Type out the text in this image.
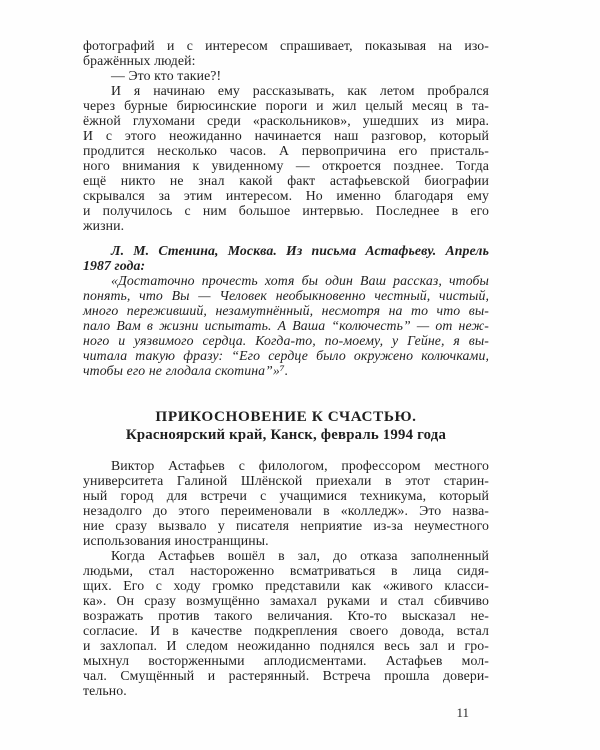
фотографий и с интересом спрашивает, показывая на изо-
бражённых людей:
— Это кто такие?!
И я начинаю ему рассказывать, как летом пробрался
через бурные бирюсинские пороги и жил целый месяц в та-
ёжной глухомани среди «раскольников», ушедших из мира.
И с этого неожиданно начинается наш разговор, который
продлится несколько часов. А первопричина его присталь-
ного внимания к увиденному — откроется позднее. Тогда
ещё никто не знал какой факт астафьевской биографии
скрывался за этим интересом. Но именно благодаря ему
и получилось с ним большое интервью. Последнее в его
жизни.
Л. М. Стенина, Москва. Из письма Астафьеву. Апрель
1987 года:
«Достаточно прочесть хотя бы один Ваш рассказ, чтобы
понять, что Вы — Человек необыкновенно честный, чистый,
много переживший, незамутнённый, несмотря на то что вы-
пало Вам в жизни испытать. А Ваша “колючесть” — от неж-
ного и уязвимого сердца. Когда-то, по-моему, у Гейне, я вы-
читала такую фразу: “Его сердце было окружено колючками,
чтобы его не глодала скотина”»⁷.
ПРИКОСНОВЕНИЕ К СЧАСТЬЮ.
Красноярский край, Канск, февраль 1994 года
Виктор Астафьев с филологом, профессором местного
университета Галиной Шлёнской приехали в этот старин-
ный город для встречи с учащимися техникума, который
незадолго до этого переименовали в «колледж». Это назва-
ние сразу вызвало у писателя неприятие из-за неуместного
использования иностранщины.
Когда Астафьев вошёл в зал, до отказа заполненный
людьми, стал настороженно всматриваться в лица сидя-
щих. Его с ходу громко представили как «живого класси-
ка». Он сразу возмущённо замахал руками и стал сбивчиво
возражать против такого величания. Кто-то высказал не-
согласие. И в качестве подкрепления своего довода, встал
и захлопал. И следом неожиданно поднялся весь зал и гро-
мыхнул восторженными аплодисментами. Астафьев мол-
чал. Смущённый и растерянный. Встреча прошла довери-
тельно.
11
